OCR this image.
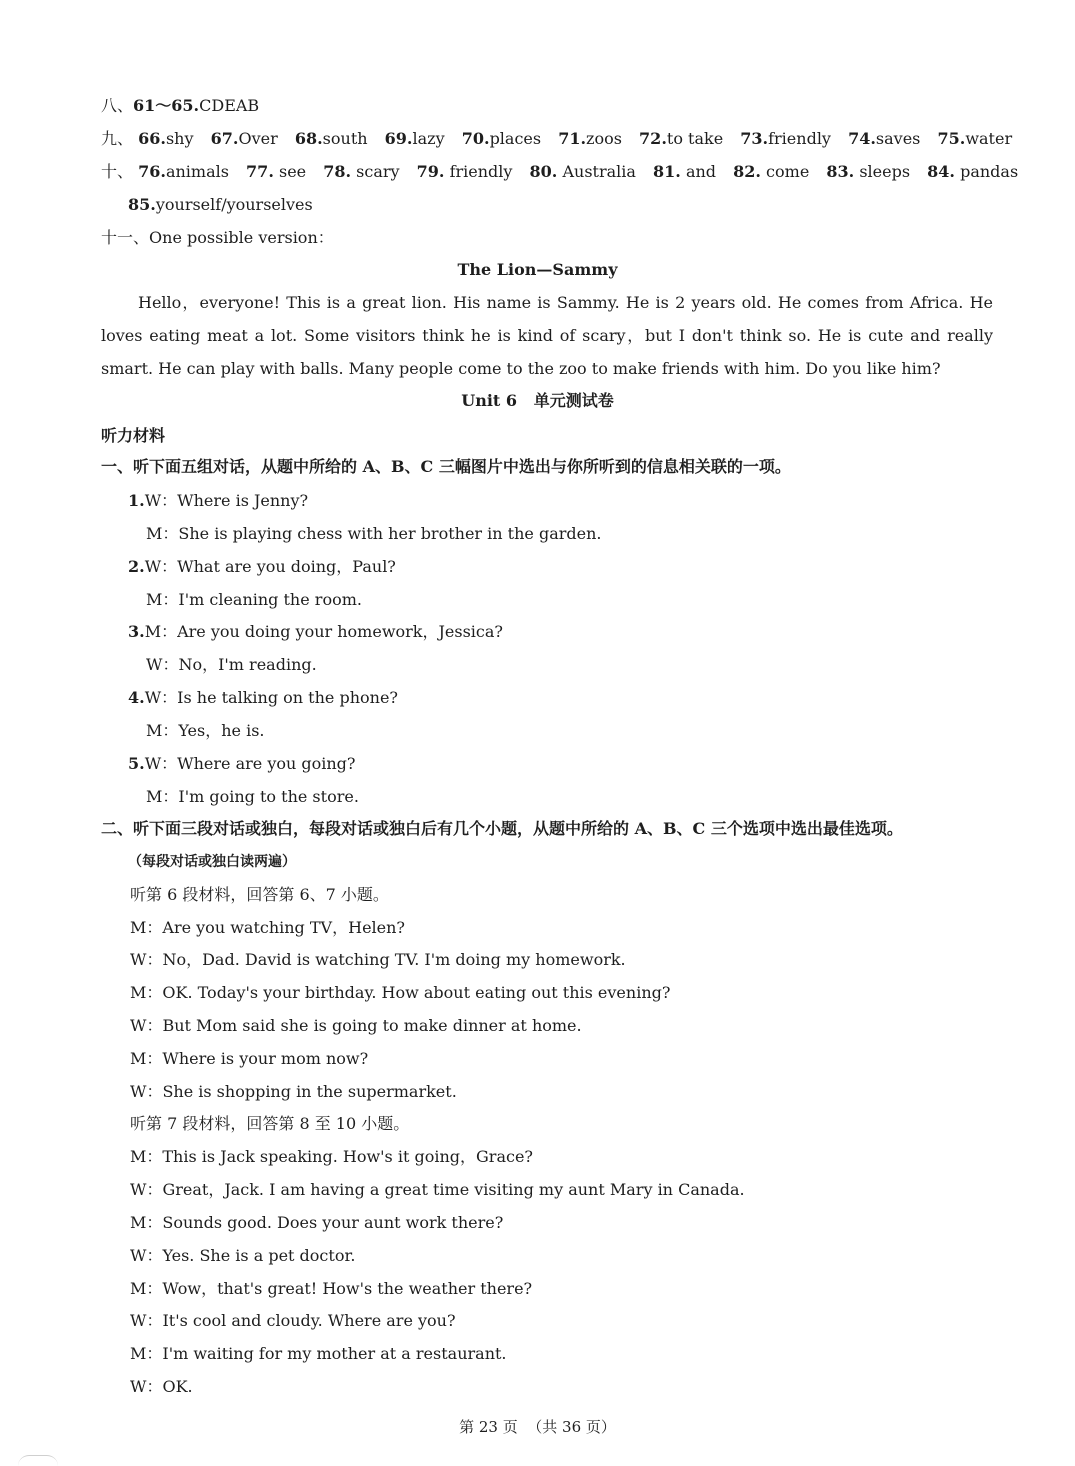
八、61～65.CDEAB
九、 66.shy 67.Over 68.south 69.lazy 70.places 71.zoos 72.to take 73.friendly 74.saves 75.water
十、 76.animals 77. see 78. scary 79. friendly 80. Australia 81. and 82. come 83. sleeps 84. pandas
85.yourself/yourselves
十一、One possible version：
The Lion—Sammy
Hello，everyone! This is a great lion. His name is Sammy. He is 2 years old. He comes from Africa. He loves eating meat a lot. Some visitors think he is kind of scary，but I don't think so. He is cute and really smart. He can play with balls. Many people come to the zoo to make friends with him. Do you like him?
Unit 6 单元测试卷
听力材料
一、听下面五组对话，从题中所给的 A、B、C 三幅图片中选出与你所听到的信息相关联的一项。
1.W：Where is Jenny?
M：She is playing chess with her brother in the garden.
2.W：What are you doing，Paul?
M：I'm cleaning the room.
3.M：Are you doing your homework，Jessica?
W：No，I'm reading.
4.W：Is he talking on the phone?
M：Yes，he is.
5.W：Where are you going?
M：I'm going to the store.
二、听下面三段对话或独白，每段对话或独白后有几个小题，从题中所给的 A、B、C 三个选项中选出最佳选项。
（每段对话或独白读两遍）
听第 6 段材料，回答第 6、7 小题。
M：Are you watching TV，Helen?
W：No，Dad. David is watching TV. I'm doing my homework.
M：OK. Today's your birthday. How about eating out this evening?
W：But Mom said she is going to make dinner at home.
M：Where is your mom now?
W：She is shopping in the supermarket.
听第 7 段材料，回答第 8 至 10 小题。
M：This is Jack speaking. How's it going，Grace?
W：Great，Jack. I am having a great time visiting my aunt Mary in Canada.
M：Sounds good. Does your aunt work there?
W：Yes. She is a pet doctor.
M：Wow，that's great! How's the weather there?
W：It's cool and cloudy. Where are you?
M：I'm waiting for my mother at a restaurant.
W：OK.
第 23 页 （共 36 页）
